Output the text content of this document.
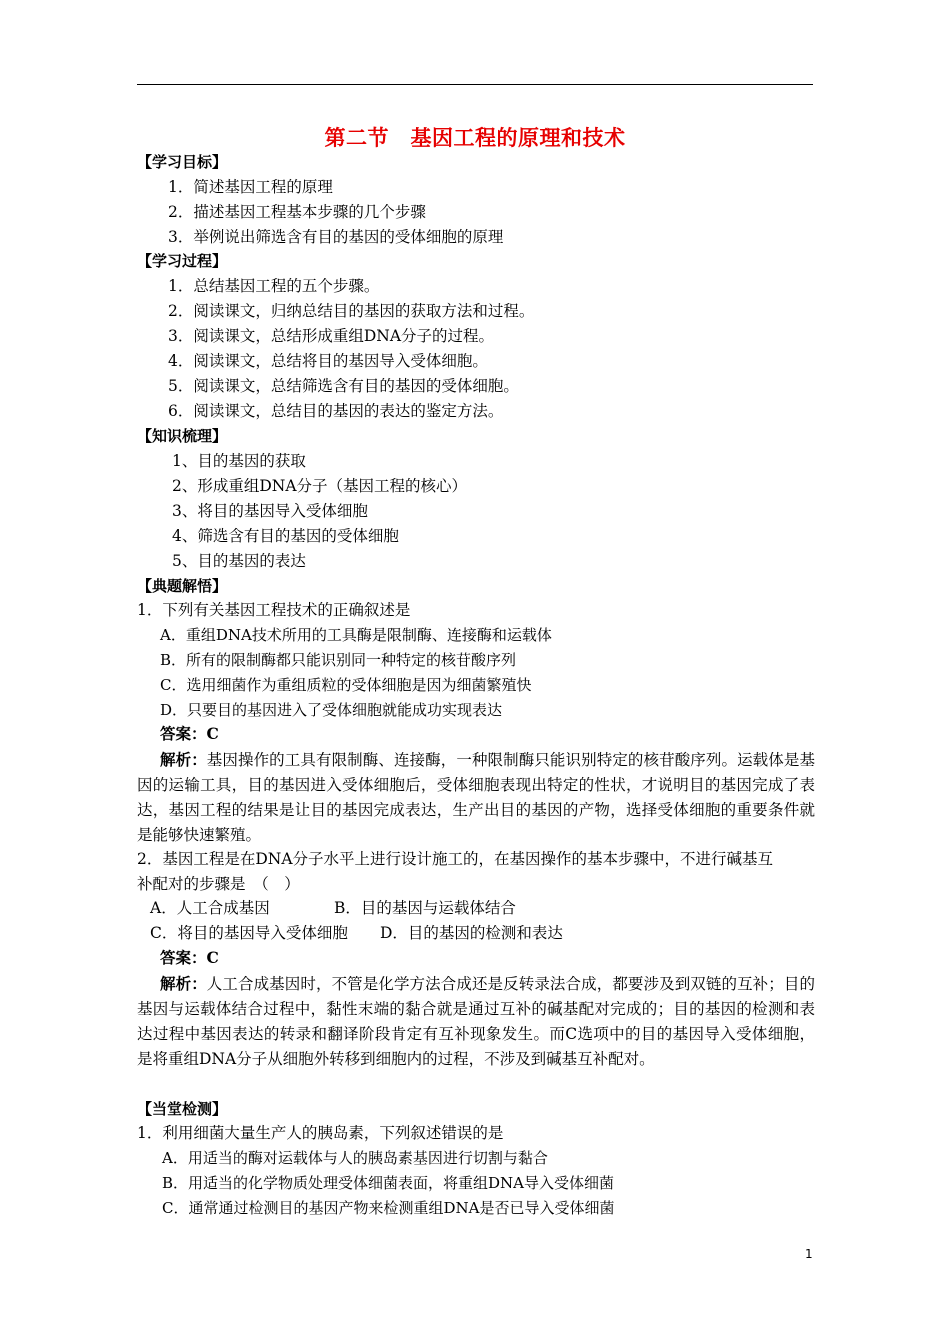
第二节　基因工程的原理和技术
【学习目标】
1．简述基因工程的原理
2．描述基因工程基本步骤的几个步骤
3．举例说出筛选含有目的基因的受体细胞的原理
【学习过程】
1．总结基因工程的五个步骤。
2．阅读课文，归纳总结目的基因的获取方法和过程。
3．阅读课文，总结形成重组DNA分子的过程。
4．阅读课文，总结将目的基因导入受体细胞。
5．阅读课文，总结筛选含有目的基因的受体细胞。
6．阅读课文，总结目的基因的表达的鉴定方法。
【知识梳理】
1、目的基因的获取
2、形成重组DNA分子（基因工程的核心）
3、将目的基因导入受体细胞
4、筛选含有目的基因的受体细胞
5、目的基因的表达
【典题解悟】
1．下列有关基因工程技术的正确叙述是
A．重组DNA技术所用的工具酶是限制酶、连接酶和运载体
B．所有的限制酶都只能识别同一种特定的核苷酸序列
C．选用细菌作为重组质粒的受体细胞是因为细菌繁殖快
D．只要目的基因进入了受体细胞就能成功实现表达
答案：C
解析：基因操作的工具有限制酶、连接酶，一种限制酶只能识别特定的核苷酸序列。运载体是基因的运输工具，目的基因进入受体细胞后，受体细胞表现出特定的性状，才说明目的基因完成了表达，基因工程的结果是让目的基因完成表达，生产出目的基因的产物，选择受体细胞的重要条件就是能够快速繁殖。
2．基因工程是在DNA分子水平上进行设计施工的，在基因操作的基本步骤中，不进行碱基互
补配对的步骤是　（　）
A．人工合成基因	B．目的基因与运载体结合
C．将目的基因导入受体细胞 D．目的基因的检测和表达
答案：C
解析：人工合成基因时，不管是化学方法合成还是反转录法合成，都要涉及到双链的互补；目的基因与运载体结合过程中，黏性末端的黏合就是通过互补的碱基配对完成的；目的基因的检测和表达过程中基因表达的转录和翻译阶段肯定有互补现象发生。而C选项中的目的基因导入受体细胞，是将重组DNA分子从细胞外转移到细胞内的过程，不涉及到碱基互补配对。
【当堂检测】
1．利用细菌大量生产人的胰岛素，下列叙述错误的是
A．用适当的酶对运载体与人的胰岛素基因进行切割与黏合
B．用适当的化学物质处理受体细菌表面，将重组DNA导入受体细菌
C．通常通过检测目的基因产物来检测重组DNA是否已导入受体细菌
1
